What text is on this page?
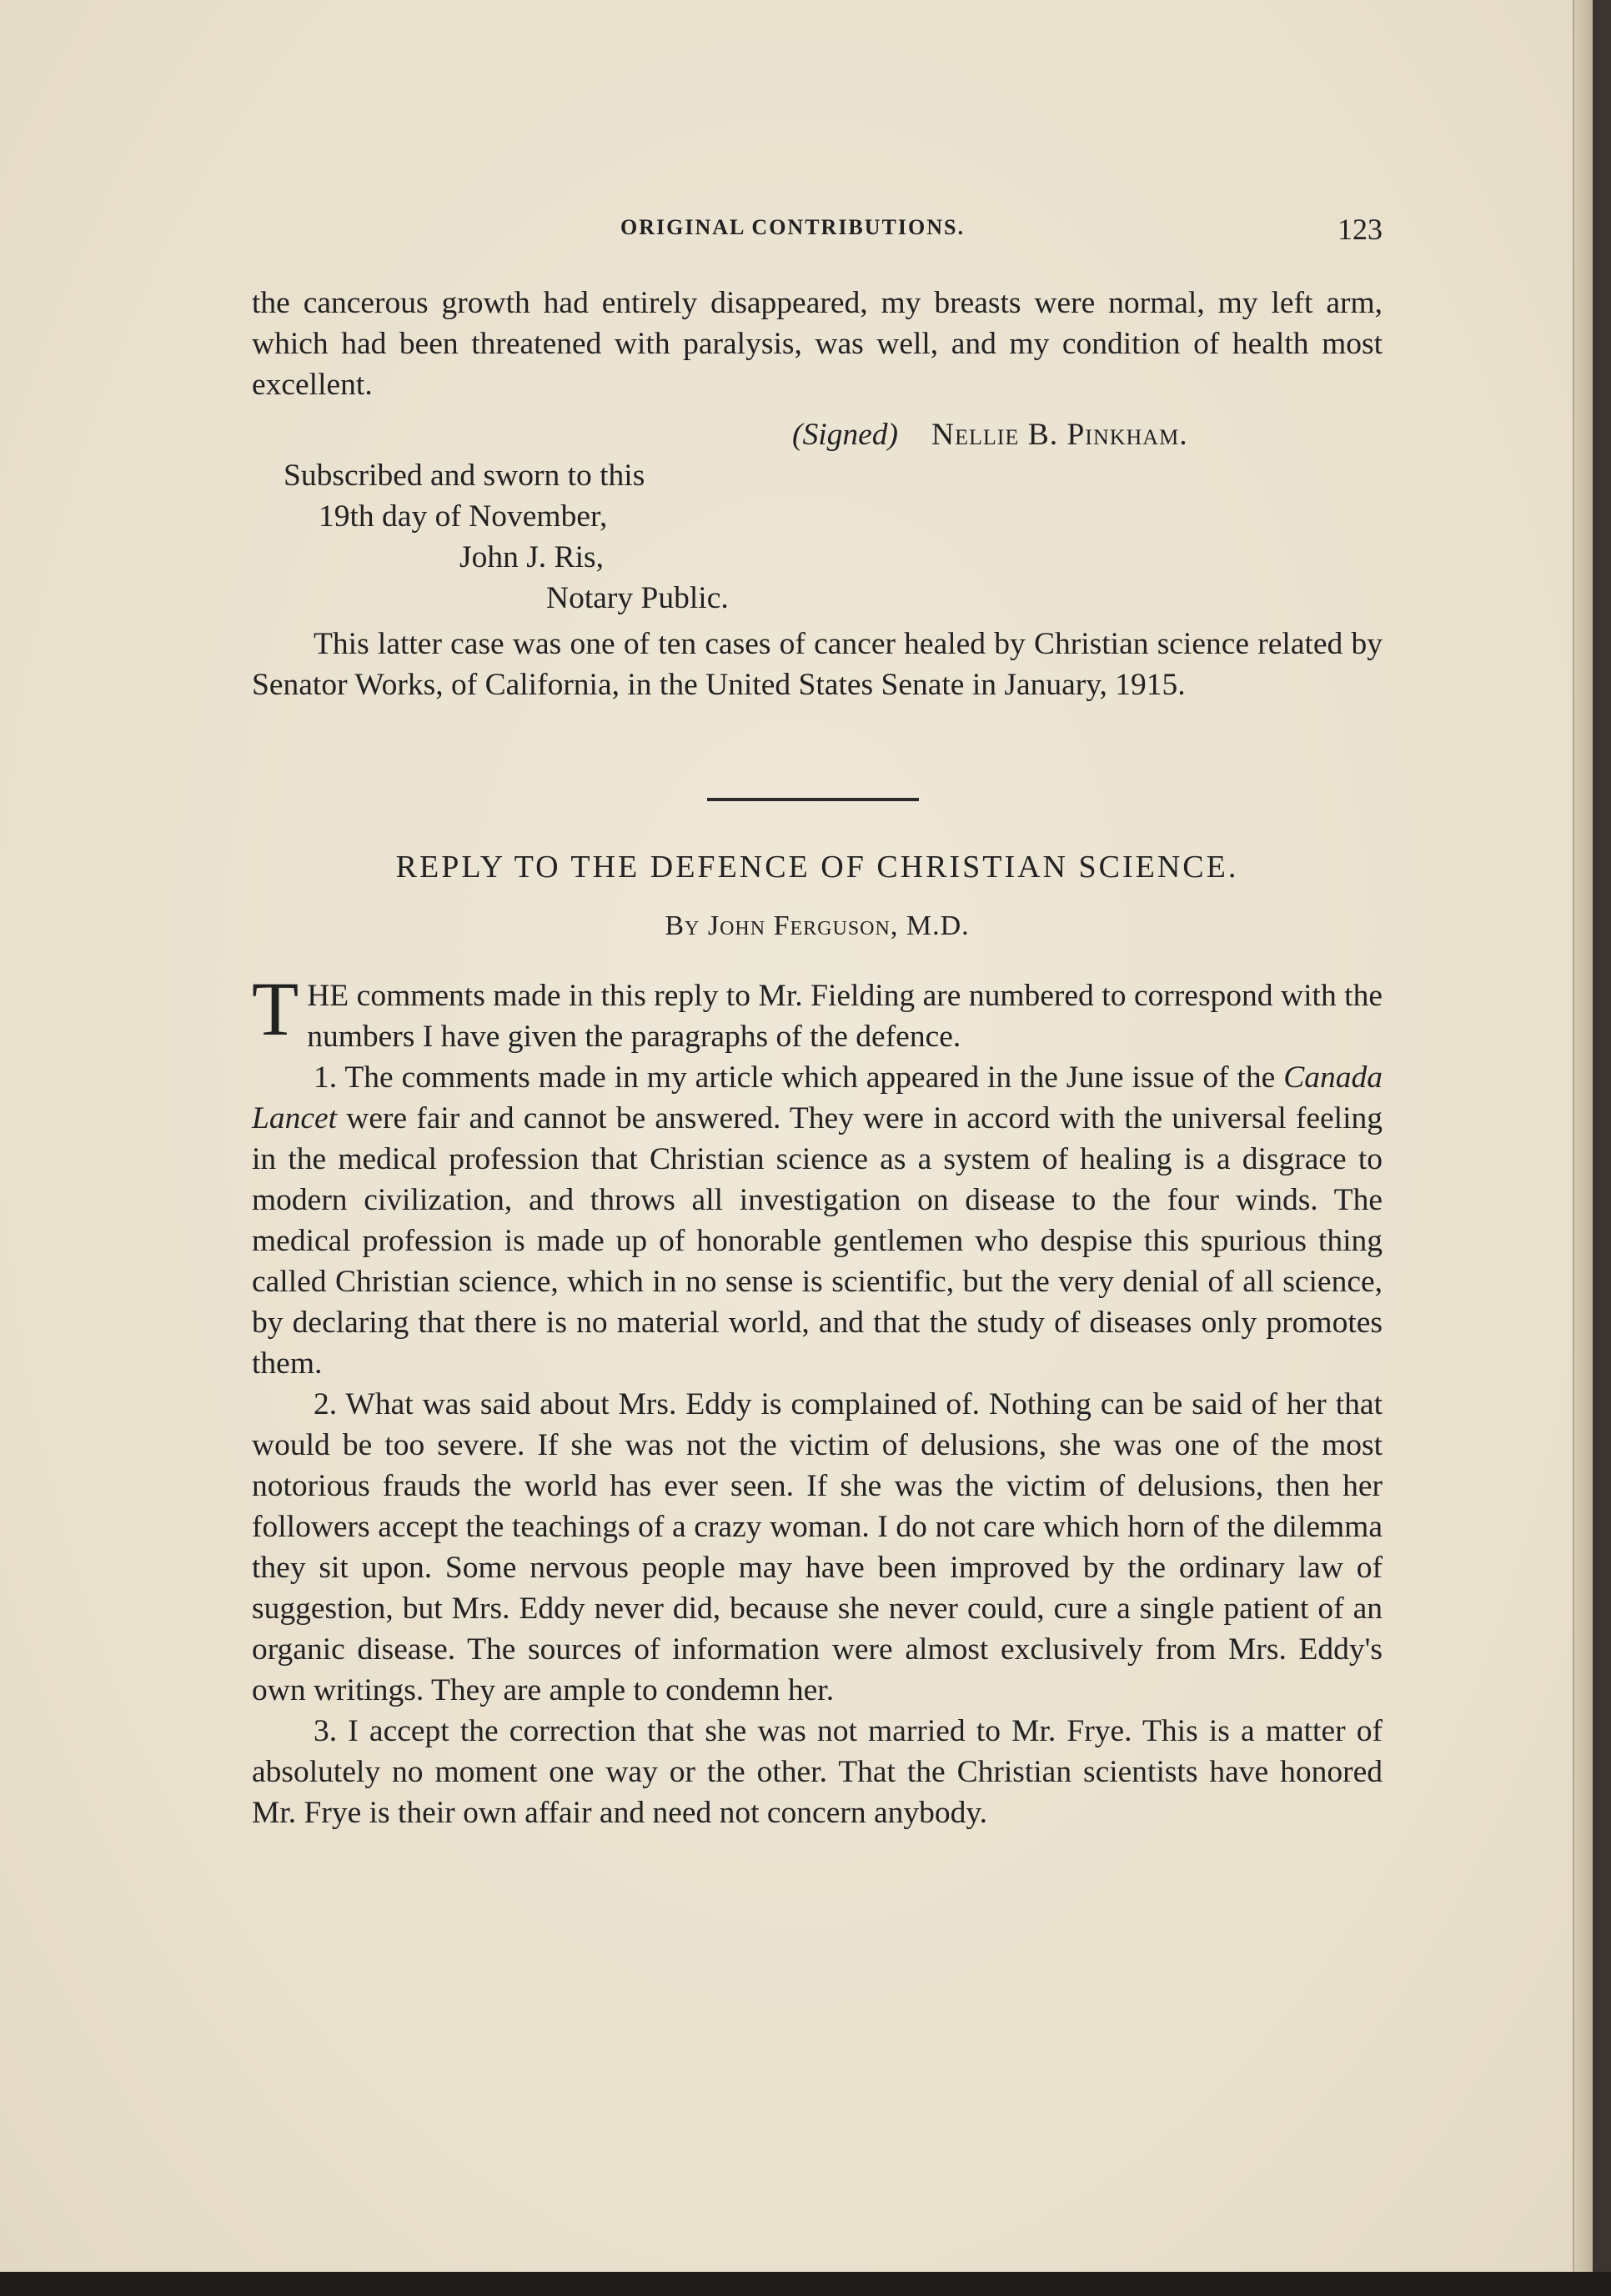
ORIGINAL CONTRIBUTIONS.	123

the cancerous growth had entirely disappeared, my breasts were normal, my left arm, which had been threatened with paralysis, was well, and my condition of health most excellent.

(Signed) Nellie B. Pinkham.
Subscribed and sworn to this
19th day of November,
John J. Ris,
Notary Public.

This latter case was one of ten cases of cancer healed by Christian science related by Senator Works, of California, in the United States Senate in January, 1915.

REPLY TO THE DEFENCE OF CHRISTIAN SCIENCE.
By John Ferguson, M.D.

THE comments made in this reply to Mr. Fielding are numbered to correspond with the numbers I have given the paragraphs of the defence.

1. The comments made in my article which appeared in the June issue of the Canada Lancet were fair and cannot be answered. They were in accord with the universal feeling in the medical profession that Christian science as a system of healing is a disgrace to modern civilization, and throws all investigation on disease to the four winds. The medical profession is made up of honorable gentlemen who despise this spurious thing called Christian science, which in no sense is scientific, but the very denial of all science, by declaring that there is no material world, and that the study of diseases only promotes them.

2. What was said about Mrs. Eddy is complained of. Nothing can be said of her that would be too severe. If she was not the victim of delusions, she was one of the most notorious frauds the world has ever seen. If she was the victim of delusions, then her followers accept the teachings of a crazy woman. I do not care which horn of the dilemma they sit upon. Some nervous people may have been improved by the ordinary law of suggestion, but Mrs. Eddy never did, because she never could, cure a single patient of an organic disease. The sources of information were almost exclusively from Mrs. Eddy's own writings. They are ample to condemn her.

3. I accept the correction that she was not married to Mr. Frye. This is a matter of absolutely no moment one way or the other. That the Christian scientists have honored Mr. Frye is their own affair and need not concern anybody.
